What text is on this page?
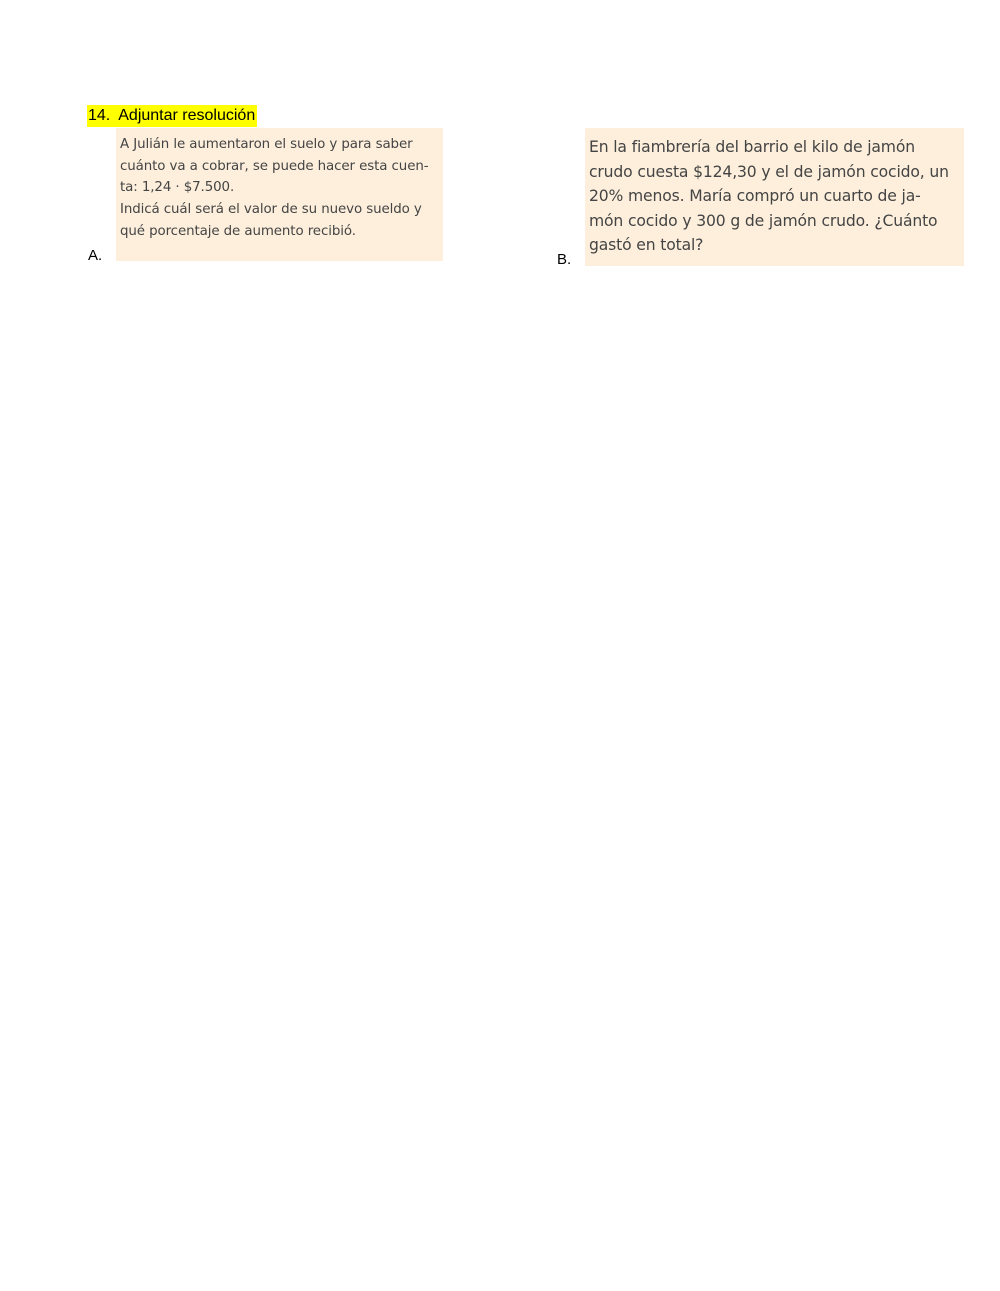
14. Adjuntar resolución
A.
A Julián le aumentaron el suelo y para saber
cuánto va a cobrar, se puede hacer esta cuen-
ta: 1,24 · $7.500.
Indicá cuál será el valor de su nuevo sueldo y
qué porcentaje de aumento recibió.
B.
En la fiambrería del barrio el kilo de jamón
crudo cuesta $124,30 y el de jamón cocido, un
20% menos. María compró un cuarto de ja-
món cocido y 300 g de jamón crudo. ¿Cuánto
gastó en total?
